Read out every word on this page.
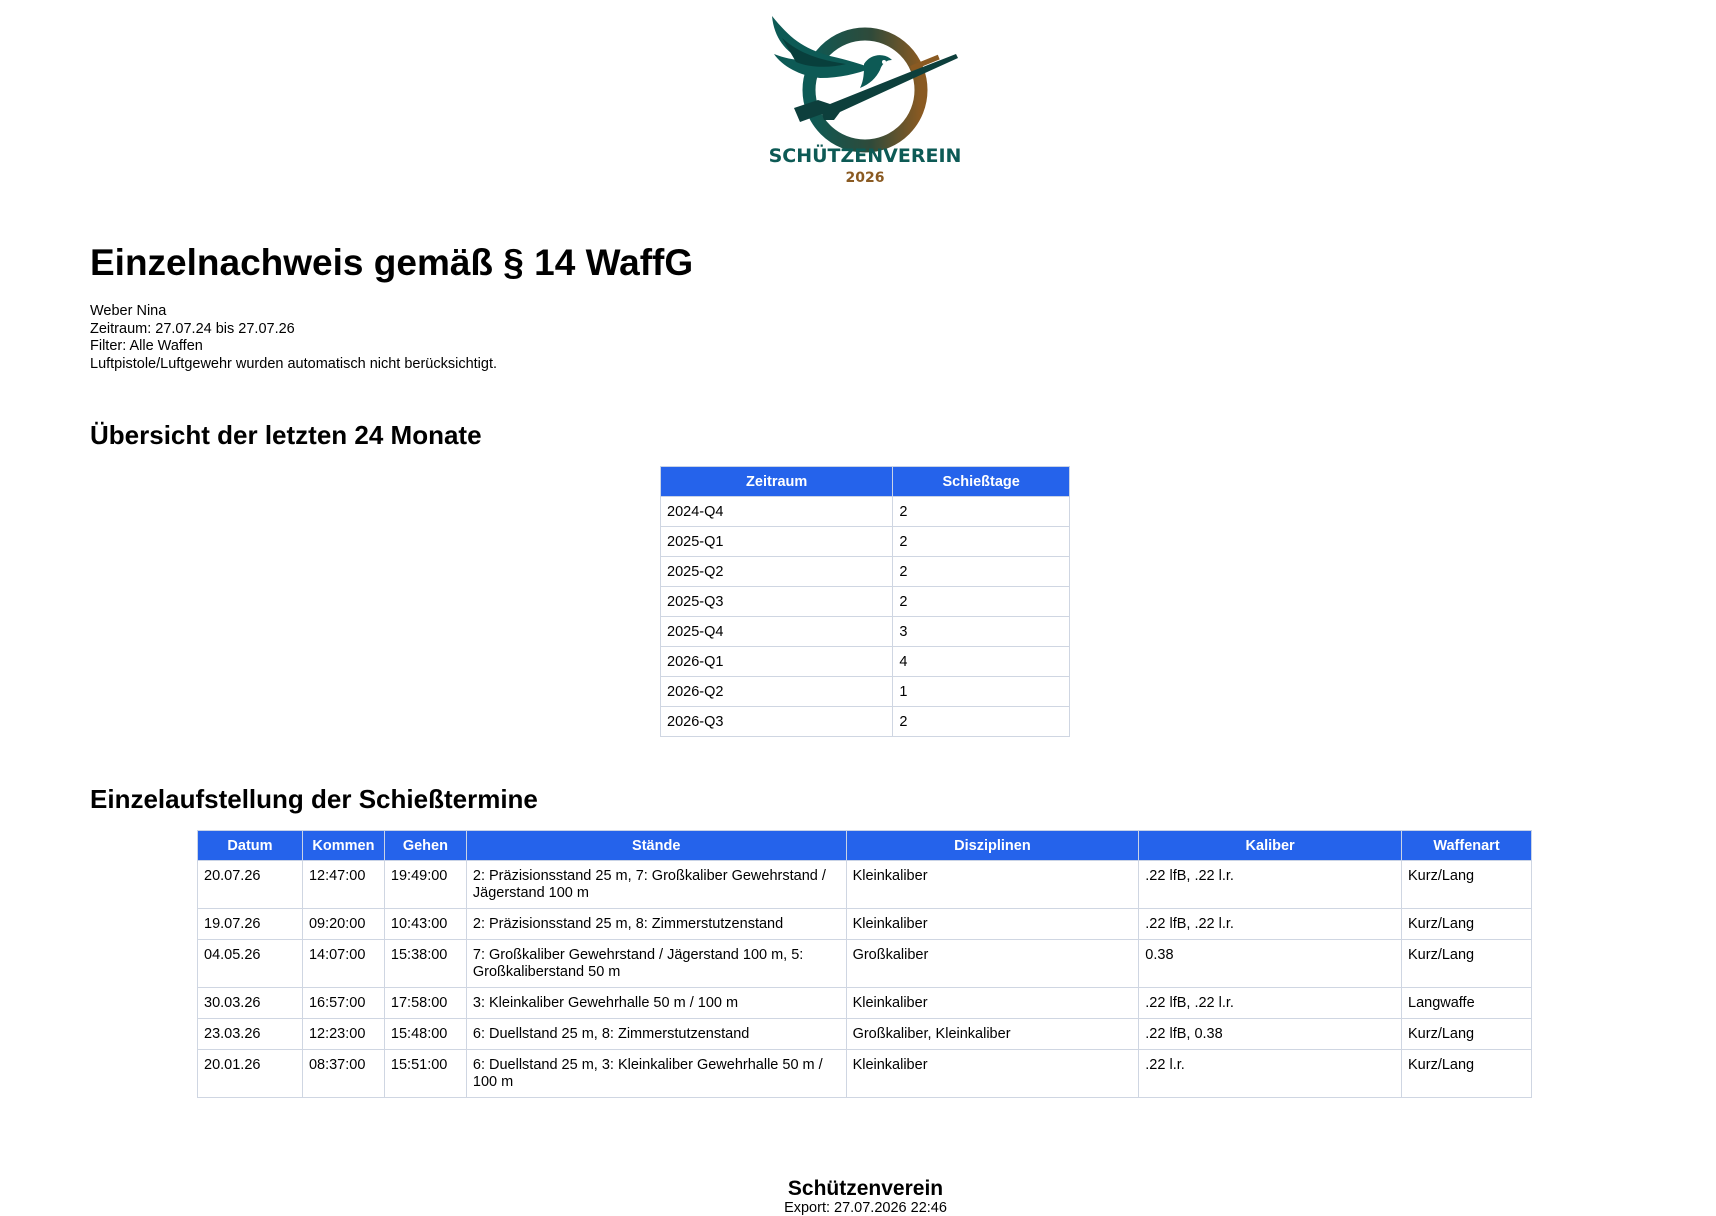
SCHÜTZENVEREIN
2026
Einzelnachweis gemäß § 14 WaffG
Weber Nina
Zeitraum: 27.07.24 bis 27.07.26
Filter: Alle Waffen
Luftpistole/Luftgewehr wurden automatisch nicht berücksichtigt.
Übersicht der letzten 24 Monate
Zeitraum	Schießtage
2024-Q4	2
2025-Q1	2
2025-Q2	2
2025-Q3	2
2025-Q4	3
2026-Q1	4
2026-Q2	1
2026-Q3	2
Einzelaufstellung der Schießtermine
Datum	Kommen	Gehen	Stände	Disziplinen	Kaliber	Waffenart
20.07.26	12:47:00	19:49:00	2: Präzisionsstand 25 m, 7: Großkaliber Gewehrstand / Jägerstand 100 m	Kleinkaliber	.22 lfB, .22 l.r.	Kurz/Lang
19.07.26	09:20:00	10:43:00	2: Präzisionsstand 25 m, 8: Zimmerstutzenstand	Kleinkaliber	.22 lfB, .22 l.r.	Kurz/Lang
04.05.26	14:07:00	15:38:00	7: Großkaliber Gewehrstand / Jägerstand 100 m, 5: Großkaliberstand 50 m	Großkaliber	0.38	Kurz/Lang
30.03.26	16:57:00	17:58:00	3: Kleinkaliber Gewehrhalle 50 m / 100 m	Kleinkaliber	.22 lfB, .22 l.r.	Langwaffe
23.03.26	12:23:00	15:48:00	6: Duellstand 25 m, 8: Zimmerstutzenstand	Großkaliber, Kleinkaliber	.22 lfB, 0.38	Kurz/Lang
20.01.26	08:37:00	15:51:00	6: Duellstand 25 m, 3: Kleinkaliber Gewehrhalle 50 m / 100 m	Kleinkaliber	.22 l.r.	Kurz/Lang
Schützenverein
Export: 27.07.2026 22:46
